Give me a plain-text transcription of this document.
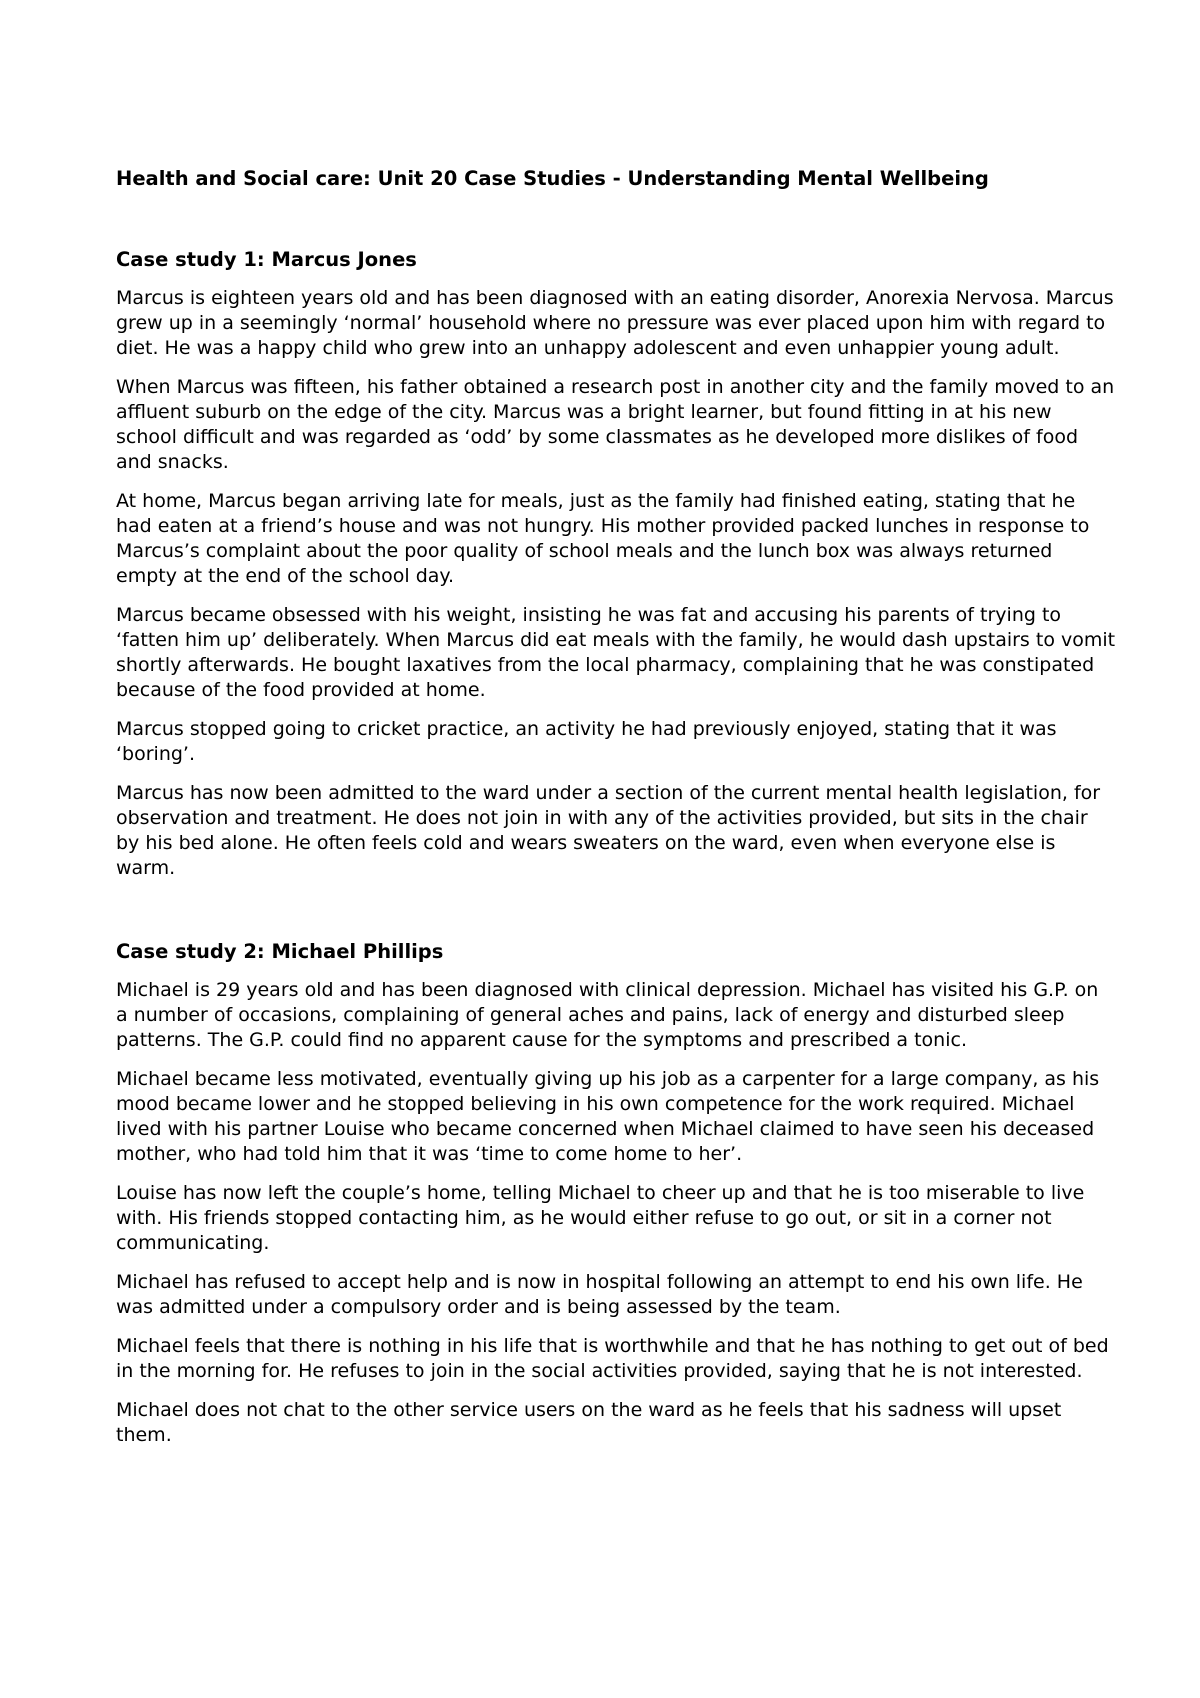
Health and Social care: Unit 20 Case Studies - Understanding Mental Wellbeing
Case study 1: Marcus Jones

Marcus is eighteen years old and has been diagnosed with an eating disorder, Anorexia Nervosa. Marcus grew up in a seemingly ‘normal’ household where no pressure was ever placed upon him with regard to diet. He was a happy child who grew into an unhappy adolescent and even unhappier young adult.

When Marcus was fifteen, his father obtained a research post in another city and the family moved to an affluent suburb on the edge of the city. Marcus was a bright learner, but found fitting in at his new school difficult and was regarded as ‘odd’ by some classmates as he developed more dislikes of food and snacks.

At home, Marcus began arriving late for meals, just as the family had finished eating, stating that he had eaten at a friend’s house and was not hungry. His mother provided packed lunches in response to Marcus’s complaint about the poor quality of school meals and the lunch box was always returned empty at the end of the school day.

Marcus became obsessed with his weight, insisting he was fat and accusing his parents of trying to ‘fatten him up’ deliberately. When Marcus did eat meals with the family, he would dash upstairs to vomit shortly afterwards. He bought laxatives from the local pharmacy, complaining that he was constipated because of the food provided at home.

Marcus stopped going to cricket practice, an activity he had previously enjoyed, stating that it was ‘boring’.

Marcus has now been admitted to the ward under a section of the current mental health legislation, for observation and treatment. He does not join in with any of the activities provided, but sits in the chair by his bed alone. He often feels cold and wears sweaters on the ward, even when everyone else is warm.

Case study 2: Michael Phillips

Michael is 29 years old and has been diagnosed with clinical depression. Michael has visited his G.P. on a number of occasions, complaining of general aches and pains, lack of energy and disturbed sleep patterns. The G.P. could find no apparent cause for the symptoms and prescribed a tonic.

Michael became less motivated, eventually giving up his job as a carpenter for a large company, as his mood became lower and he stopped believing in his own competence for the work required. Michael lived with his partner Louise who became concerned when Michael claimed to have seen his deceased mother, who had told him that it was ‘time to come home to her’.

Louise has now left the couple’s home, telling Michael to cheer up and that he is too miserable to live with. His friends stopped contacting him, as he would either refuse to go out, or sit in a corner not communicating.

Michael has refused to accept help and is now in hospital following an attempt to end his own life. He was admitted under a compulsory order and is being assessed by the team.

Michael feels that there is nothing in his life that is worthwhile and that he has nothing to get out of bed in the morning for. He refuses to join in the social activities provided, saying that he is not interested.

Michael does not chat to the other service users on the ward as he feels that his sadness will upset them.
